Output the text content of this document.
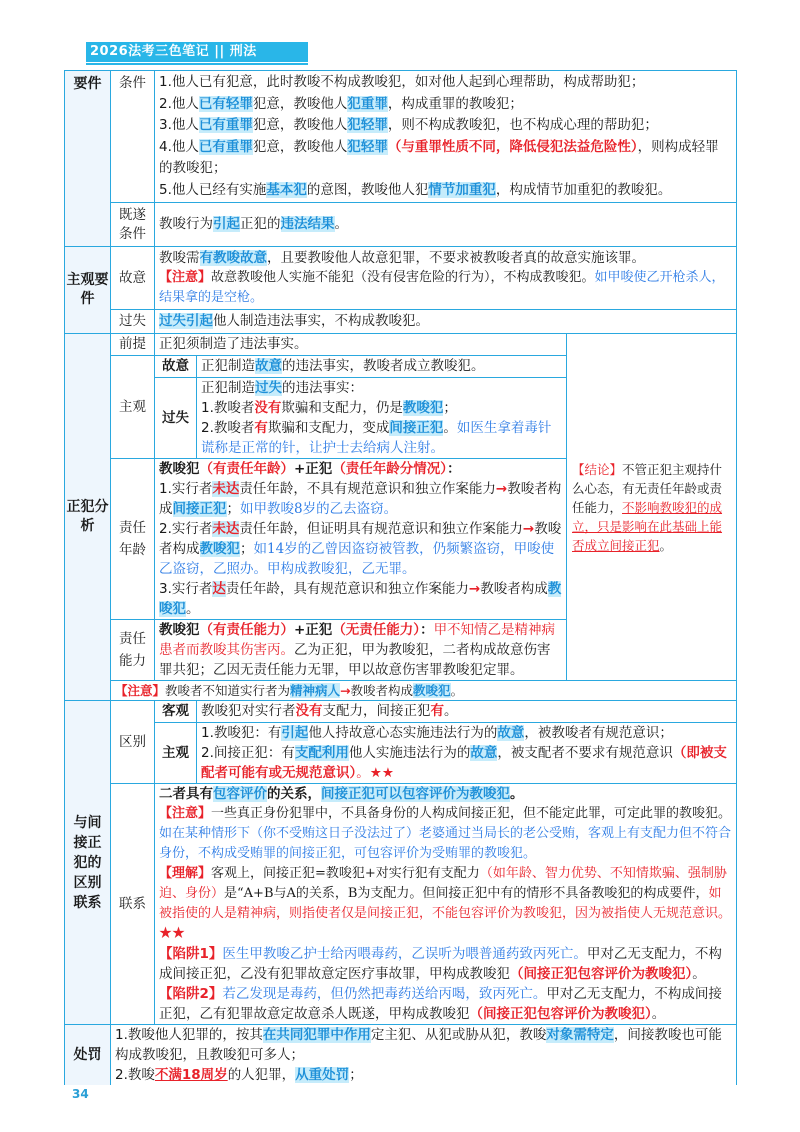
2026法考三色笔记 || 刑法
要件	条件	1.他人已有犯意，此时教唆不构成教唆犯，如对他人起到心理帮助，构成帮助犯；
2.他人已有轻罪犯意，教唆他人犯重罪，构成重罪的教唆犯；
3.他人已有重罪犯意，教唆他人犯轻罪，则不构成教唆犯，也不构成心理的帮助犯；
4.他人已有重罪犯意，教唆他人犯轻罪（与重罪性质不同，降低侵犯法益危险性），则构成轻罪的教唆犯；
5.他人已经有实施基本犯的意图，教唆他人犯情节加重犯，构成情节加重犯的教唆犯。		

	既遂条件	教唆行为引起正犯的违法结果。		
主观要件	故意	教唆需有教唆故意，且要教唆他人故意犯罪，不要求被教唆者真的故意实施该罪。
【注意】故意教唆他人实施不能犯（没有侵害危险的行为），不构成教唆犯。如甲唆使乙开枪杀人，结果拿的是空枪。		

	过失	过失引起他人制造违法事实，不构成教唆犯。		
正犯分析	前提	正犯须制造了违法事实。		【结论】不管正犯主观持什么心态，有无责任年龄或责任能力，不影响教唆犯的成立，只是影响在此基础上能否成立间接正犯。
	主观	故意	正犯制造故意的违法事实，教唆者成立教唆犯。	
		过失	正犯制造过失的违法事实：
1.教唆者没有欺骗和支配力，仍是教唆犯；
2.教唆者有欺骗和支配力，变成间接正犯。如医生拿着毒针谎称是正常的针，让护士去给病人注射。	

	责任年龄	教唆犯（有责任年龄）+正犯（责任年龄分情况）：
1.实行者未达责任年龄，不具有规范意识和独立作案能力→教唆者构成间接正犯；如甲教唆8岁的乙去盗窃。
2.实行者未达责任年龄，但证明具有规范意识和独立作案能力→教唆者构成教唆犯；如14岁的乙曾因盗窃被管教，仍频繁盗窃，甲唆使乙盗窃，乙照办。甲构成教唆犯，乙无罪。
3.实行者达责任年龄，具有规范意识和独立作案能力→教唆者构成教唆犯。		

	责任能力	教唆犯（有责任能力）+正犯（无责任能力）：甲不知情乙是精神病患者而教唆其伤害丙。乙为正犯，甲为教唆犯，二者构成故意伤害罪共犯；乙因无责任能力无罪，甲以故意伤害罪教唆犯定罪。		
	【注意】教唆者不知道实行者为精神病人→教唆者构成教唆犯。			
与间接正犯的区别联系	区别	客观	教唆犯对实行者没有支配力，间接正犯有。	
		主观	1.教唆犯：有引起他人持故意心态实施违法行为的故意，被教唆者有规范意识；
2.间接正犯：有支配利用他人实施违法行为的故意，被支配者不要求有规范意识（即被支配者可能有或无规范意识）。★★	

	联系	二者具有包容评价的关系，间接正犯可以包容评价为教唆犯。
【注意】一些真正身份犯罪中，不具备身份的人构成间接正犯，但不能定此罪，可定此罪的教唆犯。如在某种情形下（你不受贿这日子没法过了）老婆通过当局长的老公受贿，客观上有支配力但不符合身份，不构成受贿罪的间接正犯，可包容评价为受贿罪的教唆犯。
【理解】客观上，间接正犯=教唆犯+对实行犯有支配力（如年龄、智力优势、不知情欺骗、强制胁迫、身份）是“A+B与A的关系，B为支配力。但间接正犯中有的情形不具备教唆犯的构成要件，如被指使的人是精神病，则指使者仅是间接正犯，不能包容评价为教唆犯，因为被指使人无规范意识。★★
【陷阱1】医生甲教唆乙护士给丙喂毒药，乙误听为喂普通药致丙死亡。甲对乙无支配力，不构成间接正犯，乙没有犯罪故意定医疗事故罪，甲构成教唆犯（间接正犯包容评价为教唆犯）。
【陷阱2】若乙发现是毒药，但仍然把毒药送给丙喝，致丙死亡。甲对乙无支配力，不构成间接正犯，乙有犯罪故意定故意杀人既遂，甲构成教唆犯（间接正犯包容评价为教唆犯）。		

处罚	1.教唆他人犯罪的，按其在共同犯罪中作用定主犯、从犯或胁从犯，教唆对象需特定，间接教唆也可能构成教唆犯，且教唆犯可多人；
2.教唆不满18周岁的人犯罪，从重处罚；			
34
